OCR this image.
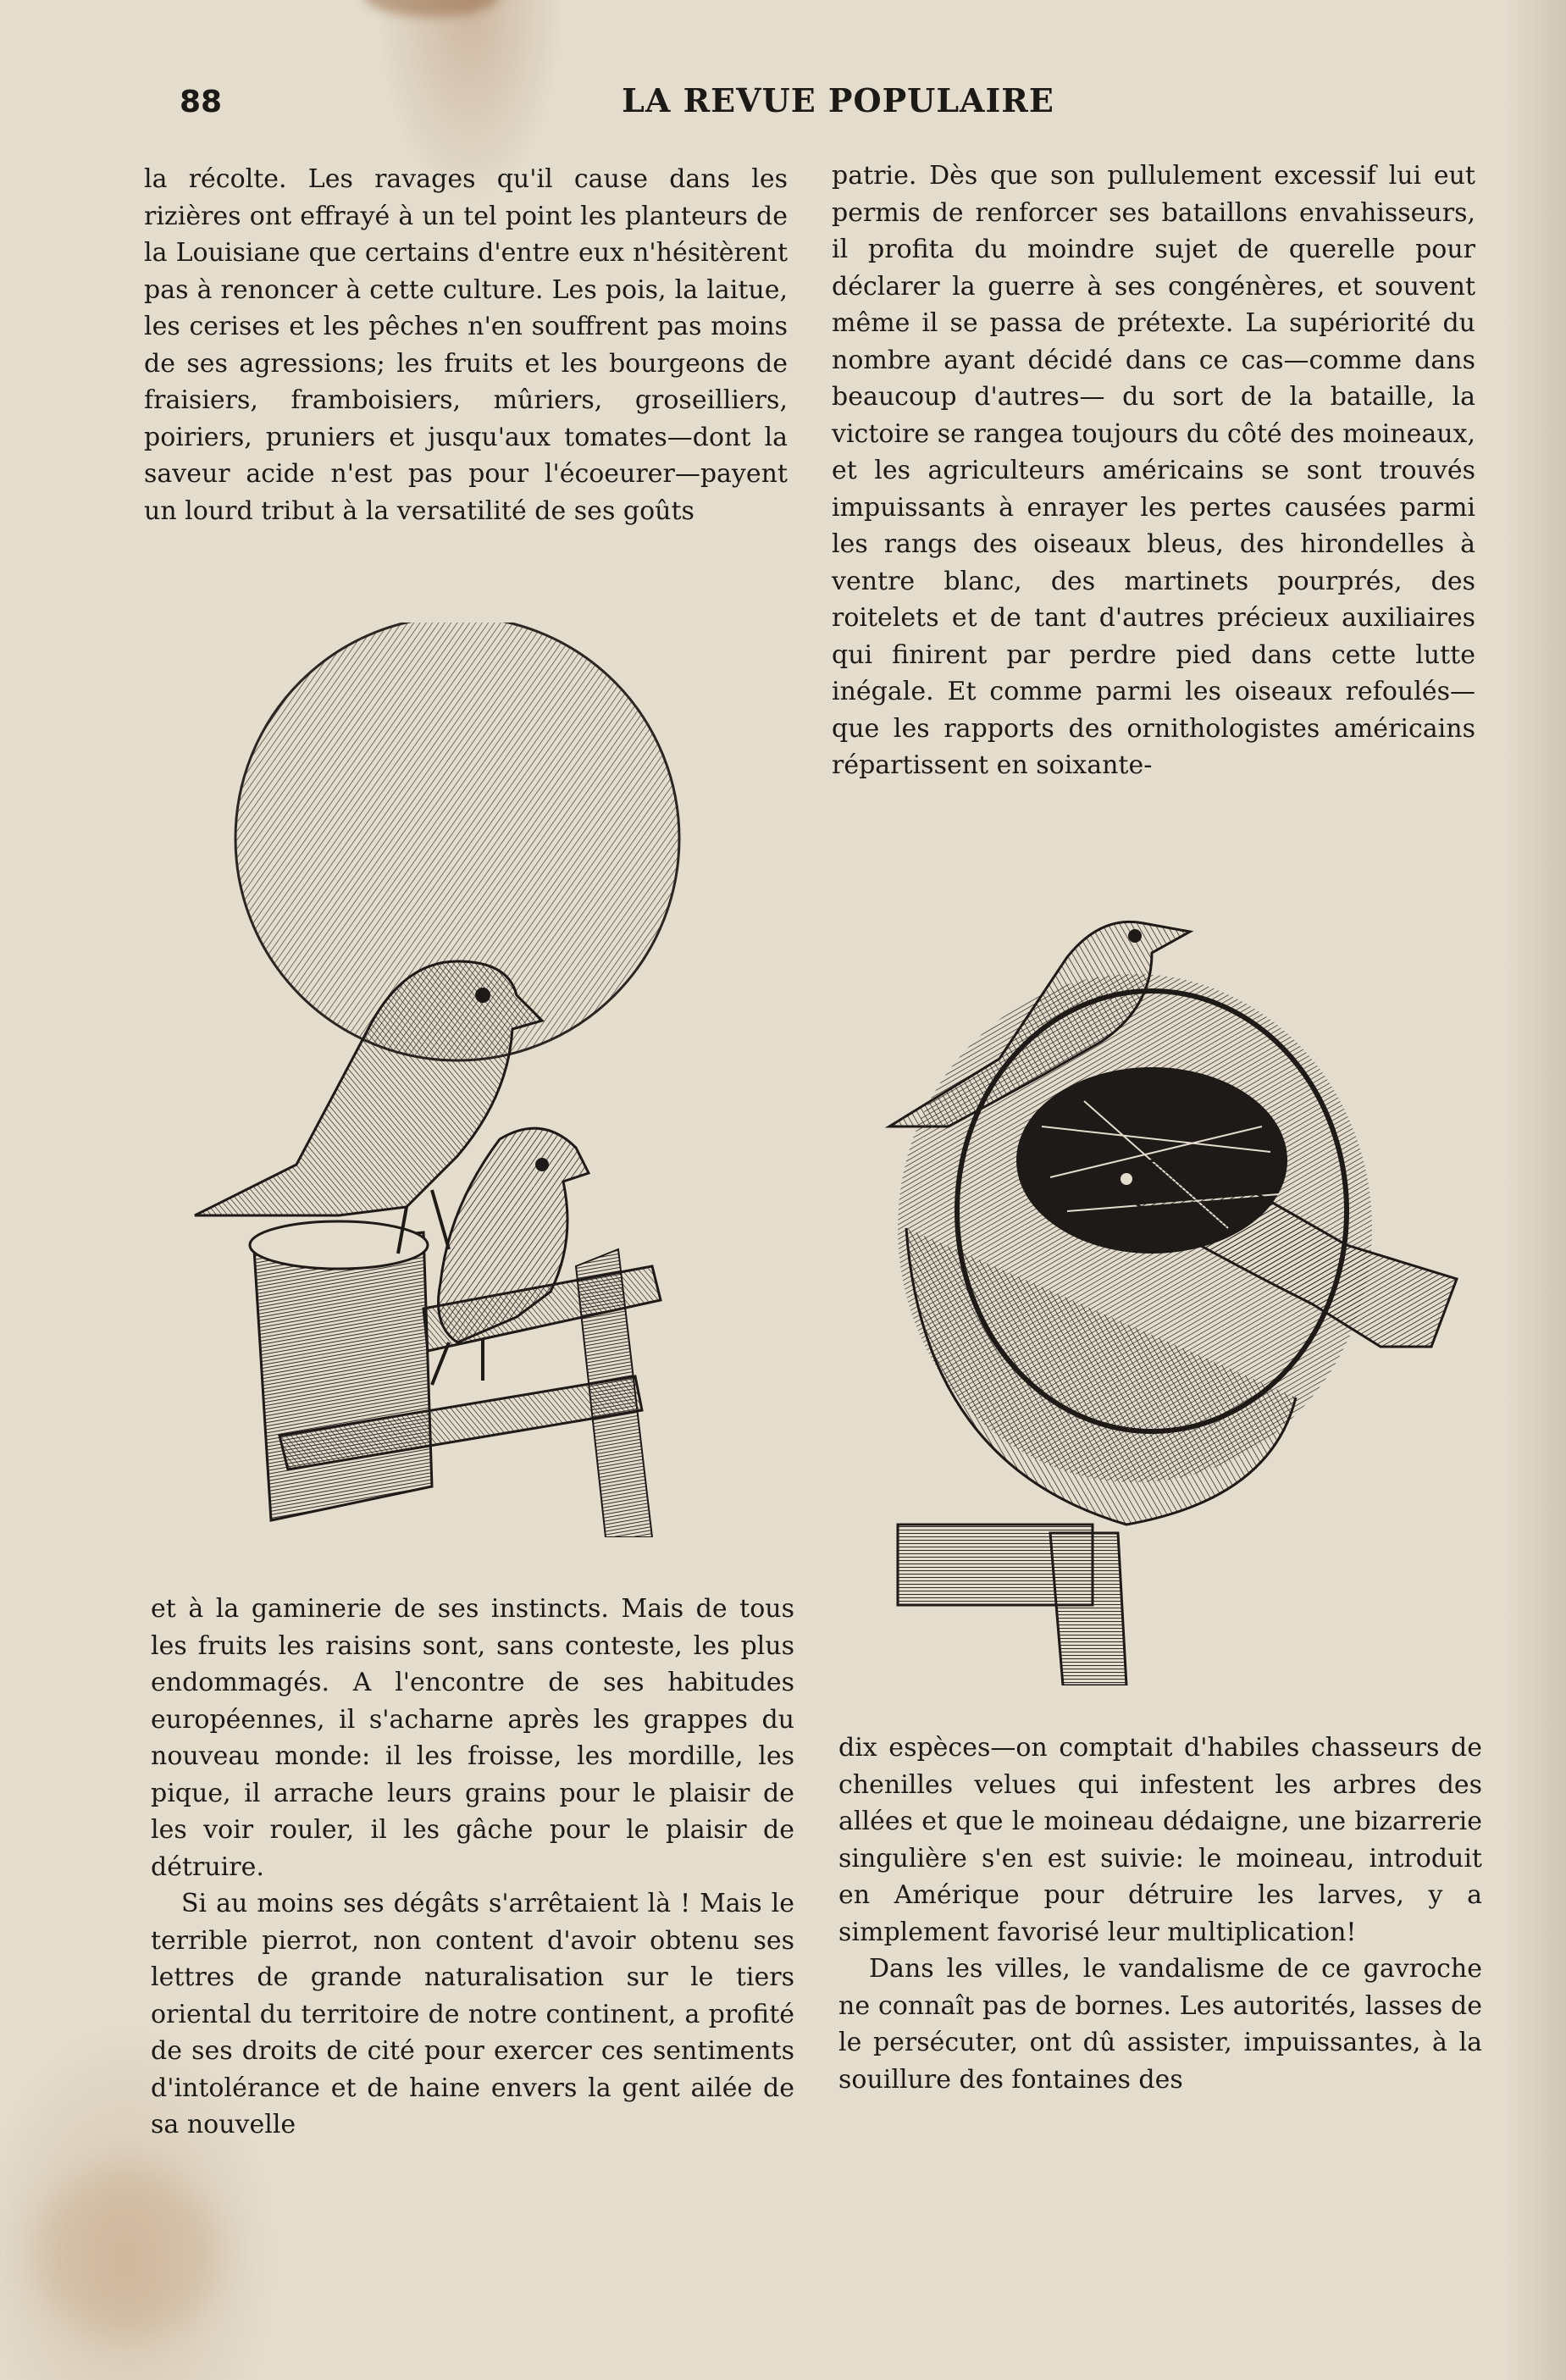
88	LA REVUE POPULAIRE

la récolte. Les ravages qu'il cause dans les rizières ont effrayé à un tel point les planteurs de la Louisiane que certains d'entre eux n'hésitèrent pas à renoncer à cette culture. Les pois, la laitue, les cerises et les pêches n'en souffrent pas moins de ses agressions; les fruits et les bourgeons de fraisiers, framboisiers, mûriers, groseilliers, poiriers, pruniers et jusqu'aux tomates—dont la saveur acide n'est pas pour l'écoeurer—payent un lourd tribut à la versatilité de ses goûts

et à la gaminerie de ses instincts. Mais de tous les fruits les raisins sont, sans conteste, les plus endommagés. A l'encontre de ses habitudes européennes, il s'acharne après les grappes du nouveau monde: il les froisse, les mordille, les pique, il arrache leurs grains pour le plaisir de les voir rouler, il les gâche pour le plaisir de détruire.

Si au moins ses dégâts s'arrêtaient là ! Mais le terrible pierrot, non content d'avoir obtenu ses lettres de grande naturalisation sur le tiers oriental du territoire de notre continent, a profité de ses droits de cité pour exercer ces sentiments d'intolérance et de haine envers la gent ailée de sa nouvelle

patrie. Dès que son pullulement excessif lui eut permis de renforcer ses bataillons envahisseurs, il profita du moindre sujet de querelle pour déclarer la guerre à ses congénères, et souvent même il se passa de prétexte. La supériorité du nombre ayant décidé dans ce cas—comme dans beaucoup d'autres— du sort de la bataille, la victoire se rangea toujours du côté des moineaux, et les agriculteurs américains se sont trouvés impuissants à enrayer les pertes causées parmi les rangs des oiseaux bleus, des hirondelles à ventre blanc, des martinets pourprés, des roitelets et de tant d'autres précieux auxiliaires qui finirent par perdre pied dans cette lutte inégale. Et comme parmi les oiseaux refoulés—que les rapports des ornithologistes américains répartissent en soixante-

dix espèces—on comptait d'habiles chasseurs de chenilles velues qui infestent les arbres des allées et que le moineau dédaigne, une bizarrerie singulière s'en est suivie: le moineau, introduit en Amérique pour détruire les larves, y a simplement favorisé leur multiplication!

Dans les villes, le vandalisme de ce gavroche ne connaît pas de bornes. Les autorités, lasses de le persécuter, ont dû assister, impuissantes, à la souillure des fontaines des
